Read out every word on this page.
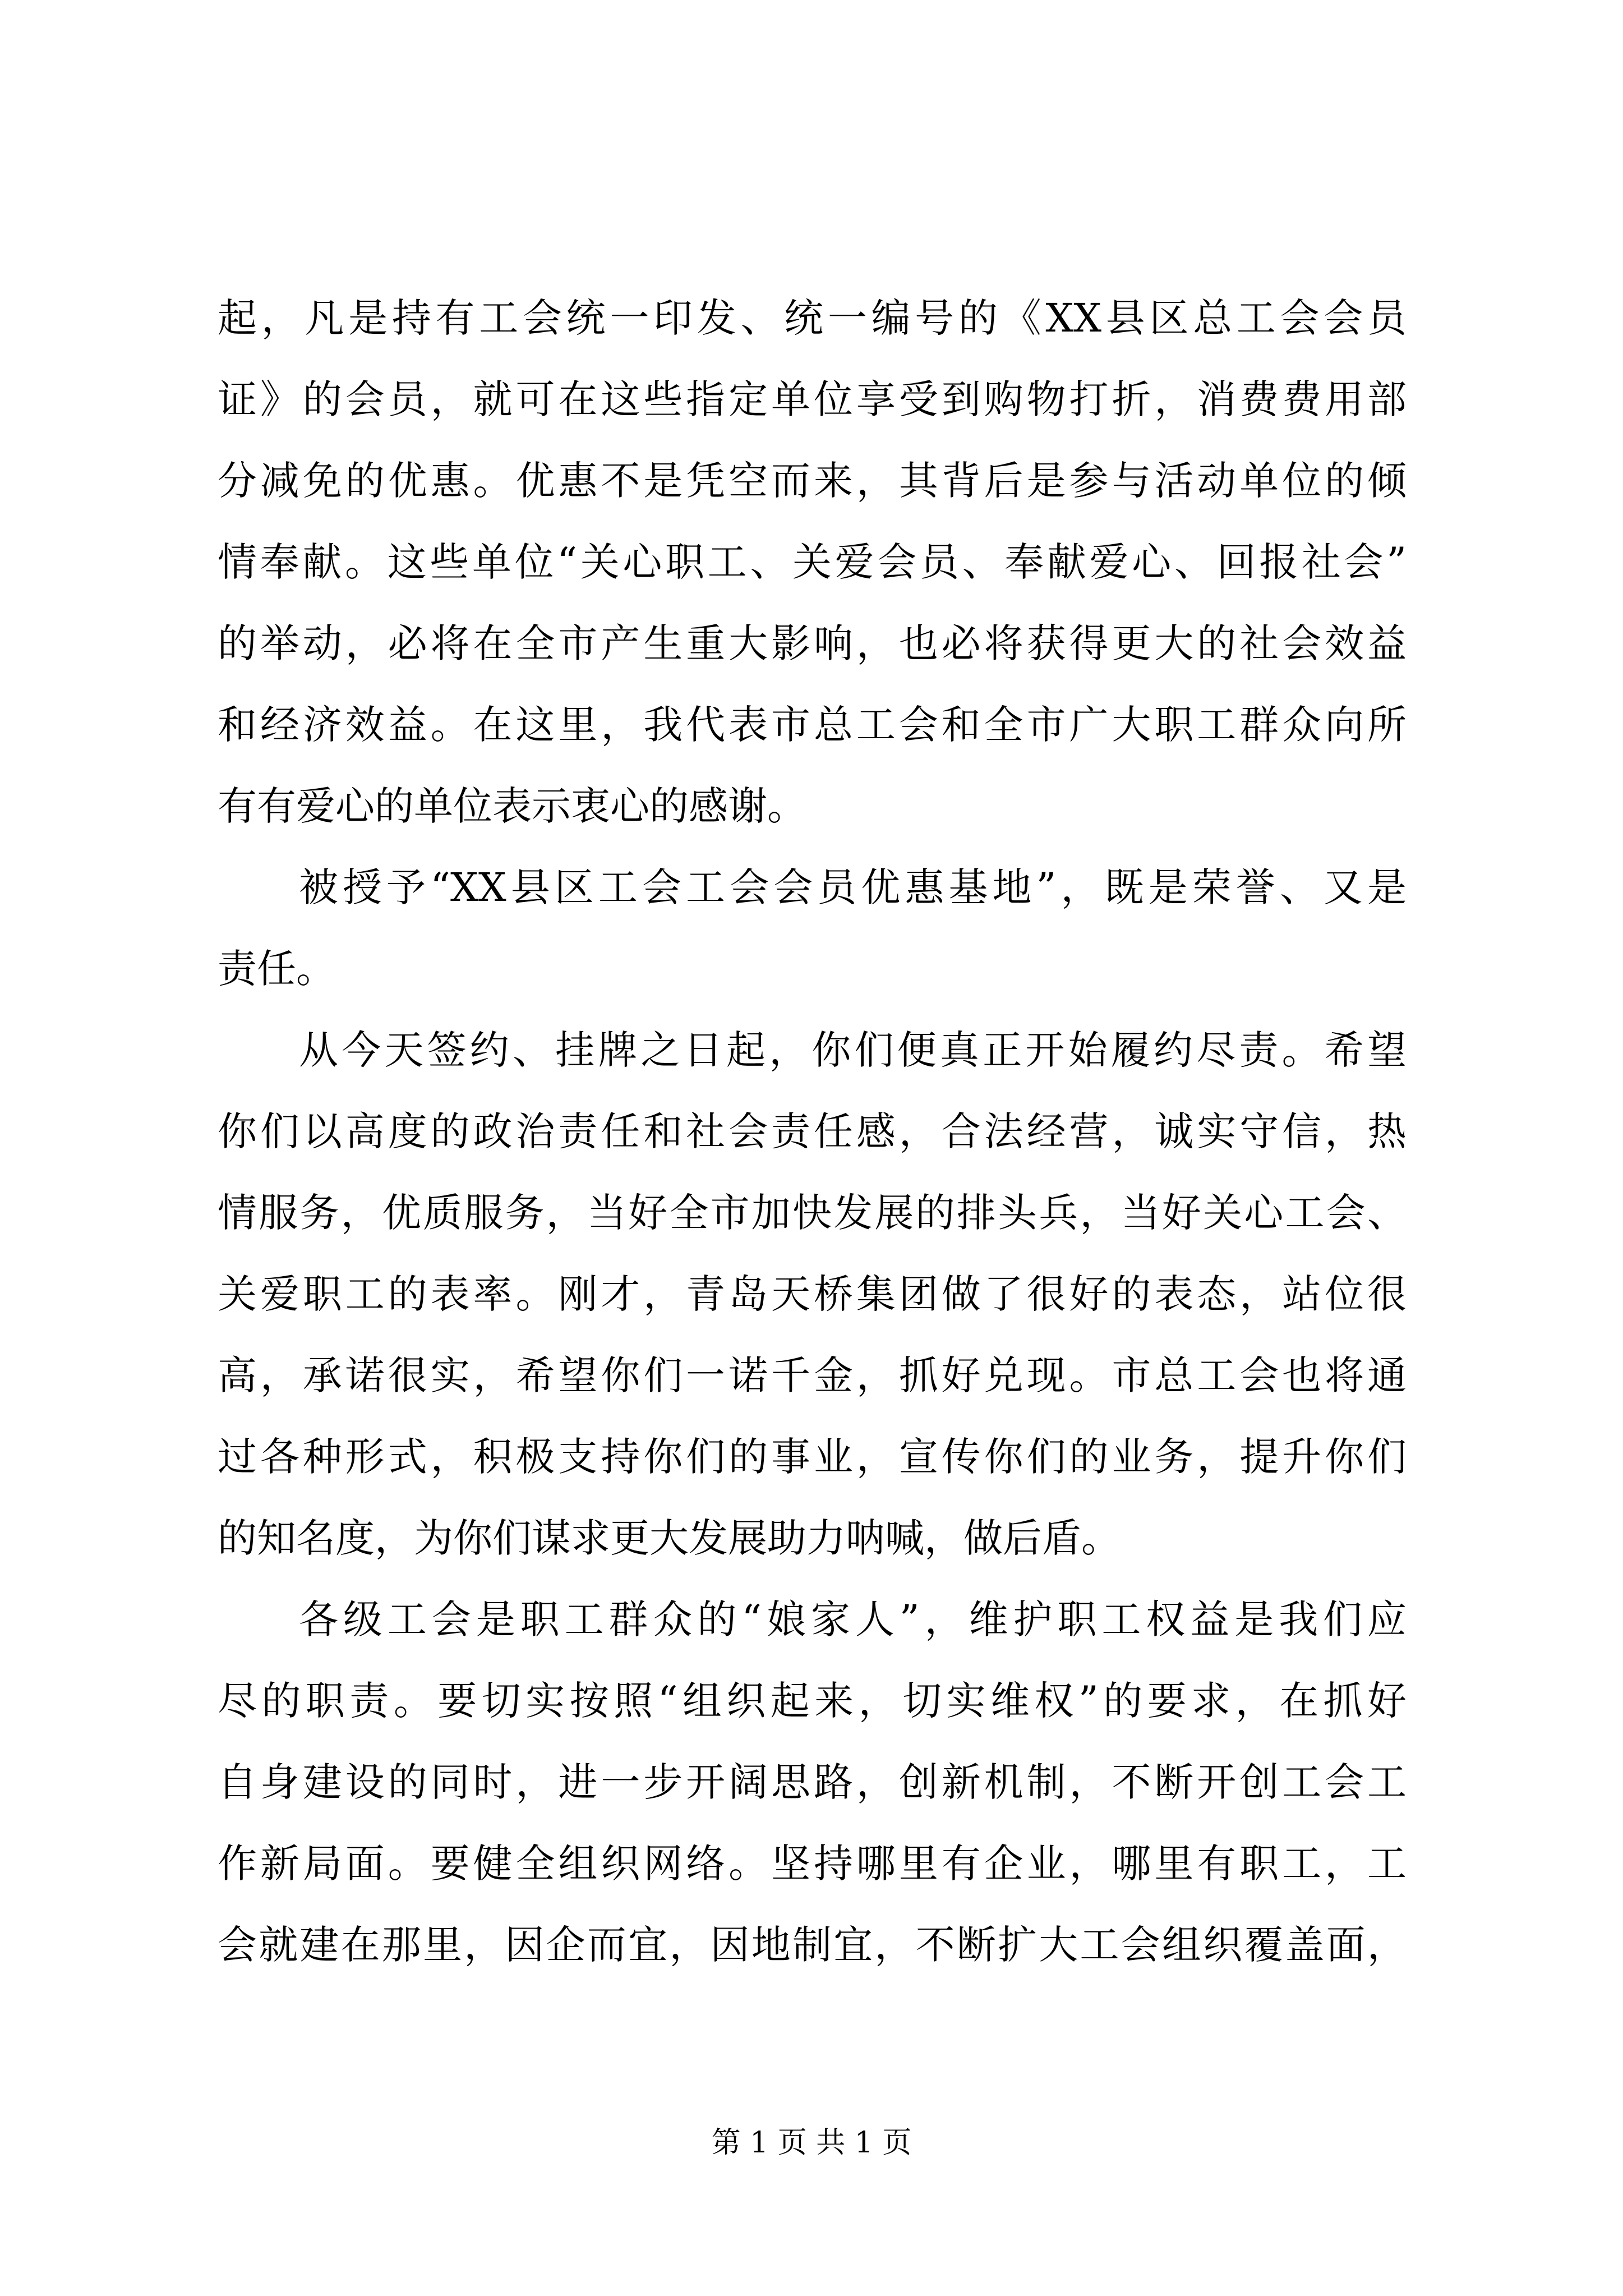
起，凡是持有工会统一印发、统一编号的《XX县区总工会会员
证》的会员，就可在这些指定单位享受到购物打折，消费费用部
分减免的优惠。优惠不是凭空而来，其背后是参与活动单位的倾
情奉献。这些单位“关心职工、关爱会员、奉献爱心、回报社会”
的举动，必将在全市产生重大影响，也必将获得更大的社会效益
和经济效益。在这里，我代表市总工会和全市广大职工群众向所
有有爱心的单位表示衷心的感谢。
被授予“XX县区工会工会会员优惠基地”，既是荣誉、又是
责任。
从今天签约、挂牌之日起，你们便真正开始履约尽责。希望
你们以高度的政治责任和社会责任感，合法经营，诚实守信，热
情服务，优质服务，当好全市加快发展的排头兵，当好关心工会、
关爱职工的表率。刚才，青岛天桥集团做了很好的表态，站位很
高，承诺很实，希望你们一诺千金，抓好兑现。市总工会也将通
过各种形式，积极支持你们的事业，宣传你们的业务，提升你们
的知名度，为你们谋求更大发展助力呐喊，做后盾。
各级工会是职工群众的“娘家人”，维护职工权益是我们应
尽的职责。要切实按照“组织起来，切实维权”的要求，在抓好
自身建设的同时，进一步开阔思路，创新机制，不断开创工会工
作新局面。要健全组织网络。坚持哪里有企业，哪里有职工，工
会就建在那里，因企而宜，因地制宜，不断扩大工会组织覆盖面，
第 1 页 共 1 页
